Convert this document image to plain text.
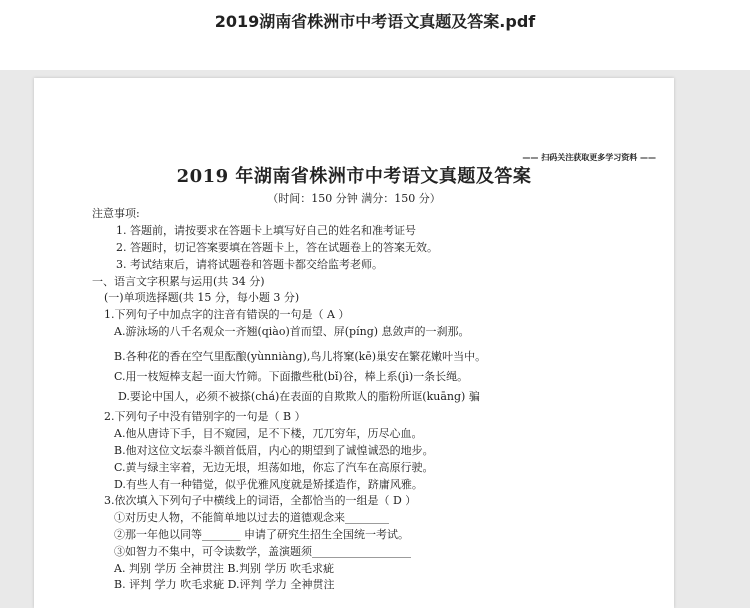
2019湖南省株洲市中考语文真题及答案.pdf
—— 扫码关注获取更多学习资料 ——
2019 年湖南省株洲市中考语文真题及答案
（时间：150 分钟 满分：150 分）
注意事项:
1. 答题前，请按要求在答题卡上填写好自己的姓名和准考证号
2. 答题时，切记答案要填在答题卡上，答在试题卷上的答案无效。
3. 考试结束后，请将试题卷和答题卡都交给监考老师。
一、语言文字积累与运用(共 34 分)
(一)单项选择题(共 15 分，每小题 3 分)
1.下列句子中加点字的注音有错误的一句是（ A ）
A.游泳场的八千名观众一齐翘(qiào)首而望、屏(píng) 息敛声的一刹那。
B.各种花的香在空气里酝酿(yùnniàng),鸟儿将窠(kē)巢安在繁花嫩叶当中。
C.用一枝短棒支起一面大竹筛。下面撒些秕(bǐ)谷，棒上系(jì)一条长绳。
D.要论中国人，必须不被搽(chá)在表面的自欺欺人的脂粉所诓(kuāng) 骗
2.下列句子中没有错别字的一句是（ B ）
A.他从唐诗下手，目不窥园，足不下楼，兀兀穷年，历尽心血。
B.他对这位文坛泰斗额首低眉，内心的期望到了诚惶诚恐的地步。
C.黄与绿主宰着，无边无垠，坦荡如地，你忘了汽车在高原行驶。
D.有些人有一种错觉，似乎优雅风度就是矫揉造作，跻庸风雅。
3.依次填入下列句子中横线上的词语，全都恰当的一组是（ D ）
①对历史人物，不能简单地以过去的道德观念来________
②那一年他以同等_______ 申请了研究生招生全国统一考试。
③如智力不集中，可令读数学，盖演题须__________________
A. 判别 学历 全神贯注 B.判别 学历 吹毛求疵
B. 评判 学力 吹毛求疵 D.评判 学力 全神贯注
